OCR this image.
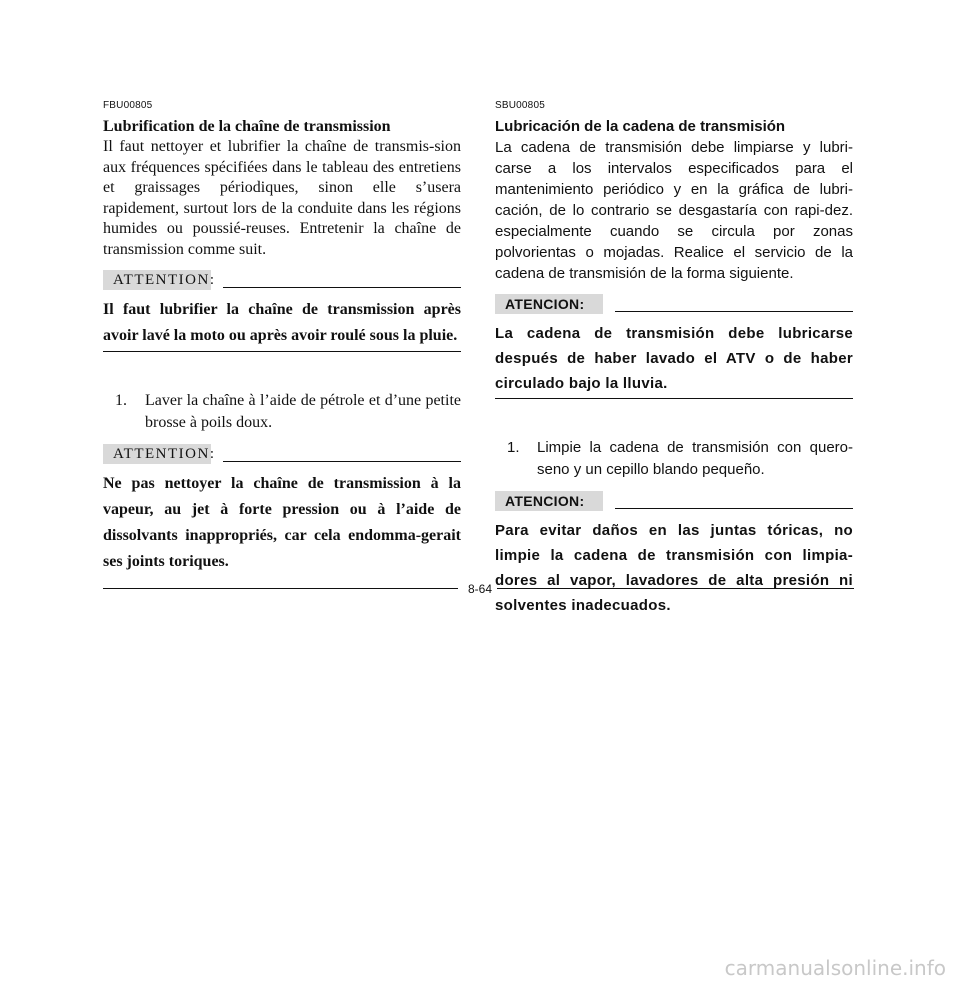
FBU00805

Lubrification de la chaîne de transmission

Il faut nettoyer et lubrifier la chaîne de transmis-sion aux fréquences spécifiées dans le tableau des entretiens et graissages périodiques, sinon elle s’usera rapidement, surtout lors de la conduite dans les régions humides ou poussié-reuses. Entretenir la chaîne de transmission comme suit.

ATTENTION:

Il faut lubrifier la chaîne de transmission après avoir lavé la moto ou après avoir roulé sous la pluie.

1.	Laver la chaîne à l’aide de pétrole et d’une petite brosse à poils doux.
ATTENTION:

Ne pas nettoyer la chaîne de transmission à la vapeur, au jet à forte pression ou à l’aide de dissolvants inappropriés, car cela endomma-gerait ses joints toriques.

SBU00805

Lubricación de la cadena de transmisión

La cadena de transmisión debe limpiarse y lubri-carse a los intervalos especificados para el mantenimiento periódico y en la gráfica de lubri-cación, de lo contrario se desgastaría con rapi-dez. especialmente cuando se circula por zonas polvorientas o mojadas. Realice el servicio de la cadena de transmisión de la forma siguiente.

ATENCION:

La cadena de transmisión debe lubricarse después de haber lavado el ATV o de haber circulado bajo la lluvia.

1.	Limpie la cadena de transmisión con quero-seno y un cepillo blando pequeño.
ATENCION:

Para evitar daños en las juntas tóricas, no limpie la cadena de transmisión con limpia-dores al vapor, lavadores de alta presión ni solventes inadecuados.

8-64
carmanualsonline.info
